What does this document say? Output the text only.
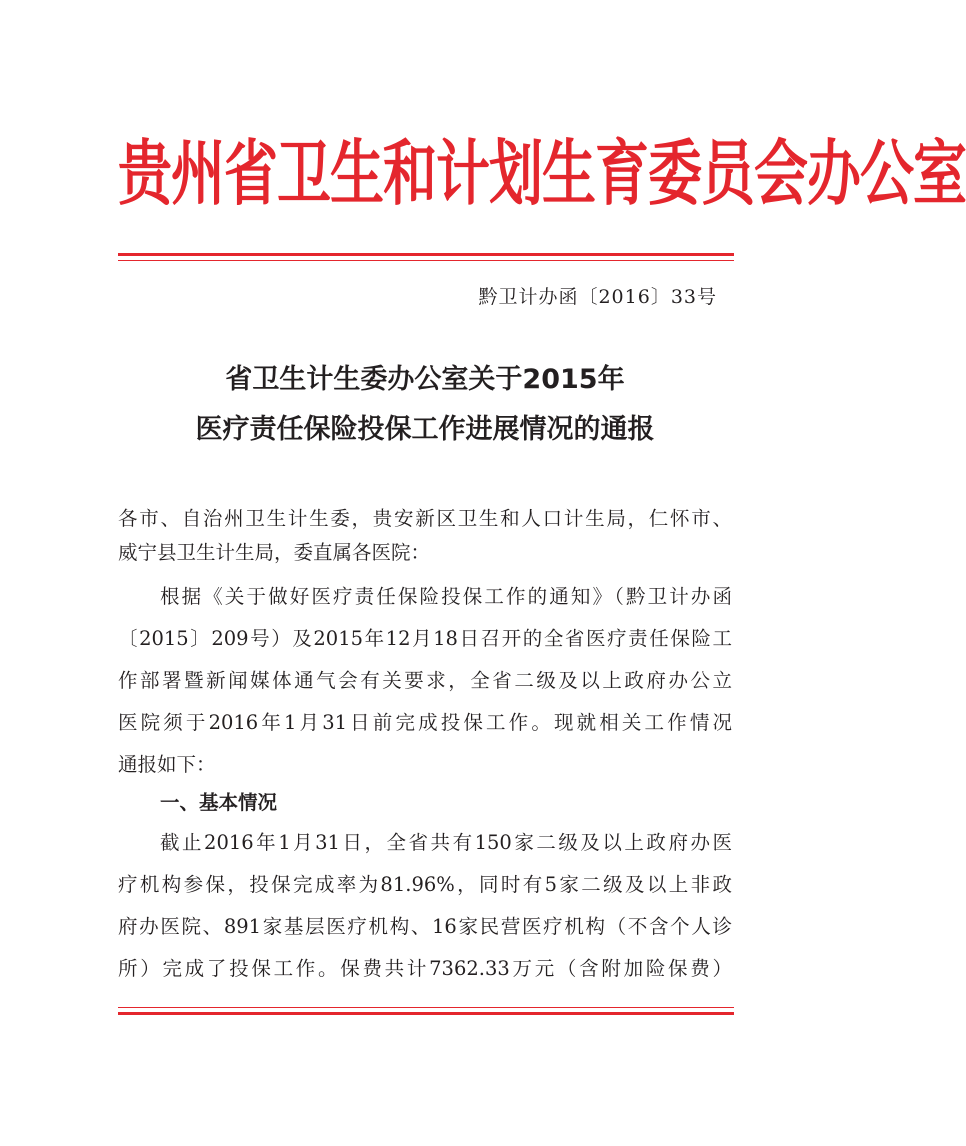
贵州省卫生和计划生育委员会办公室
黔卫计办函〔2016〕33号
省卫生计生委办公室关于2015年
医疗责任保险投保工作进展情况的通报
各市、自治州卫生计生委，贵安新区卫生和人口计生局，仁怀市、
威宁县卫生计生局，委直属各医院：
根据《关于做好医疗责任保险投保工作的通知》（黔卫计办函
〔2015〕209号）及2015年12月18日召开的全省医疗责任保险工
作部署暨新闻媒体通气会有关要求，全省二级及以上政府办公立
医院须于2016年1月31日前完成投保工作。现就相关工作情况
通报如下：
一、基本情况
截止2016年1月31日，全省共有150家二级及以上政府办医
疗机构参保，投保完成率为81.96%，同时有5家二级及以上非政
府办医院、891家基层医疗机构、16家民营医疗机构（不含个人诊
所）完成了投保工作。保费共计7362.33万元（含附加险保费）
